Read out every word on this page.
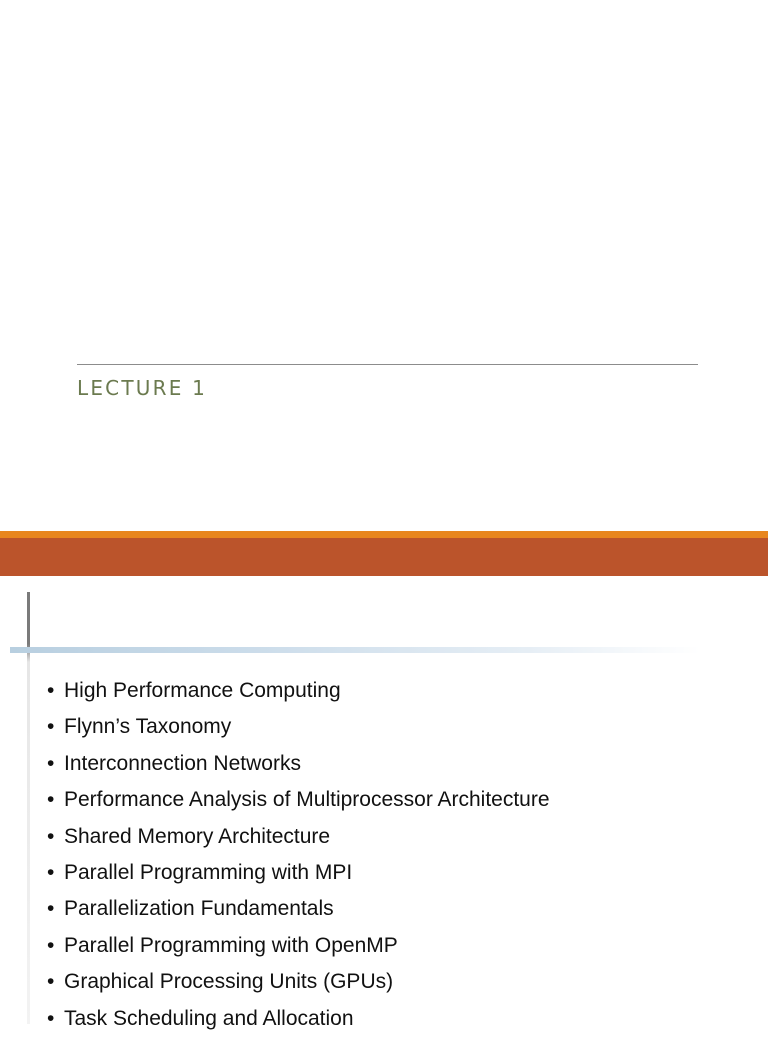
LECTURE 1
• High Performance Computing
• Flynn’s Taxonomy
• Interconnection Networks
• Performance Analysis of Multiprocessor Architecture
• Shared Memory Architecture
• Parallel Programming with MPI
• Parallelization Fundamentals
• Parallel Programming with OpenMP
• Graphical Processing Units (GPUs)
• Task Scheduling and Allocation
